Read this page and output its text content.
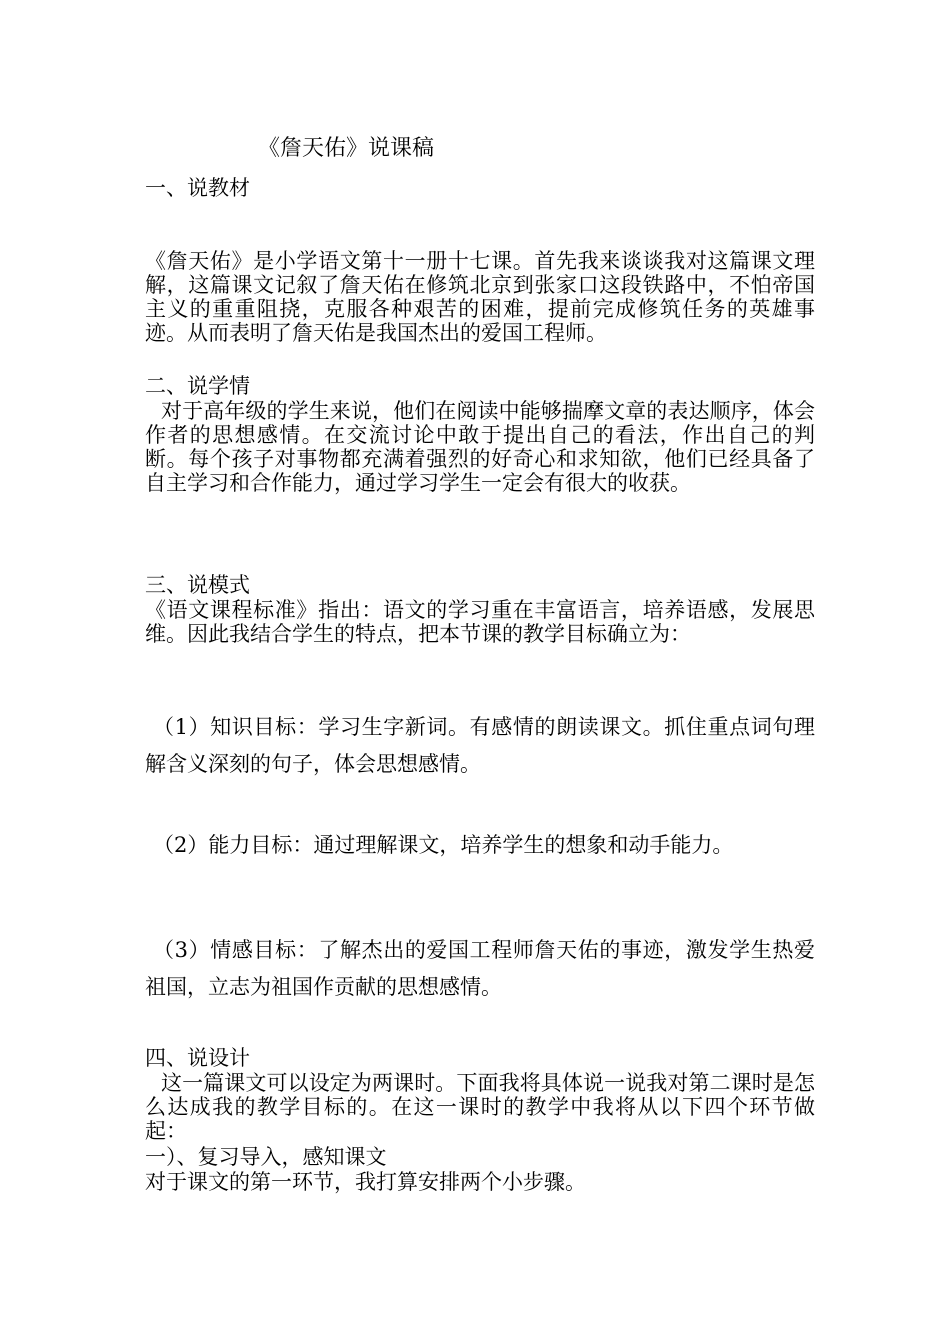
《詹天佑》说课稿
一、说教材
《詹天佑》是小学语文第十一册十七课。首先我来谈谈我对这篇课文理解，这篇课文记叙了詹天佑在修筑北京到张家口这段铁路中，不怕帝国主义的重重阻挠，克服各种艰苦的困难，提前完成修筑任务的英雄事迹。从而表明了詹天佑是我国杰出的爱国工程师。
二、说学情
对于高年级的学生来说，他们在阅读中能够揣摩文章的表达顺序，体会作者的思想感情。在交流讨论中敢于提出自己的看法，作出自己的判断。每个孩子对事物都充满着强烈的好奇心和求知欲，他们已经具备了自主学习和合作能力，通过学习学生一定会有很大的收获。
三、说模式
《语文课程标准》指出：语文的学习重在丰富语言，培养语感，发展思维。因此我结合学生的特点，把本节课的教学目标确立为：
（1）知识目标：学习生字新词。有感情的朗读课文。抓住重点词句理解含义深刻的句子，体会思想感情。
（2）能力目标：通过理解课文，培养学生的想象和动手能力。
（3）情感目标：了解杰出的爱国工程师詹天佑的事迹，激发学生热爱祖国，立志为祖国作贡献的思想感情。
四、说设计
这一篇课文可以设定为两课时。下面我将具体说一说我对第二课时是怎么达成我的教学目标的。在这一课时的教学中我将从以下四个环节做起：
一）、复习导入，感知课文
对于课文的第一环节，我打算安排两个小步骤。
